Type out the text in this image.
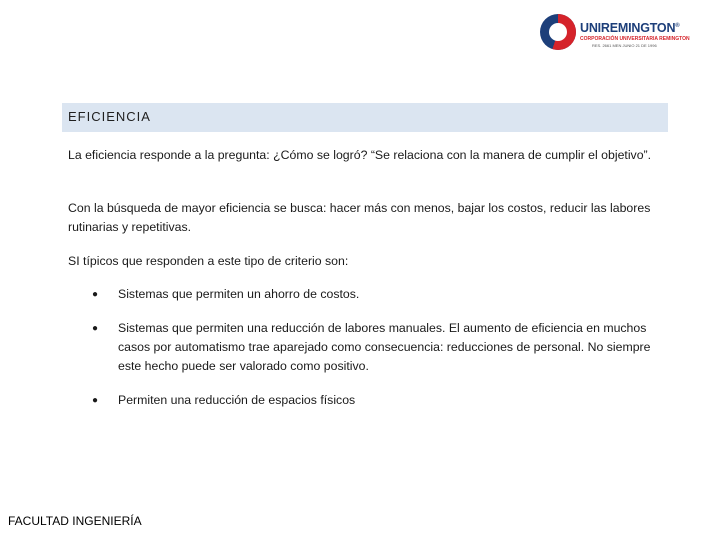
UNIREMINGTON®
CORPORACIÓN UNIVERSITARIA REMINGTON
RES. 2661 MEN JUNIO 21 DE 1996
EFICIENCIA

La eficiencia responde a la pregunta: ¿Cómo se logró? “Se relaciona con la manera de cumplir el objetivo”.

Con la búsqueda de mayor eficiencia se busca: hacer más con menos, bajar los costos, reducir las labores rutinarias y repetitivas.

SI típicos que responden a este tipo de criterio son:

● Sistemas que permiten un ahorro de costos.

● Sistemas que permiten una reducción de labores manuales. El aumento de eficiencia en muchos casos por automatismo trae aparejado como consecuencia: reducciones de personal. No siempre este hecho puede ser valorado como positivo.

● Permiten una reducción de espacios físicos

FACULTAD INGENIERÍA
